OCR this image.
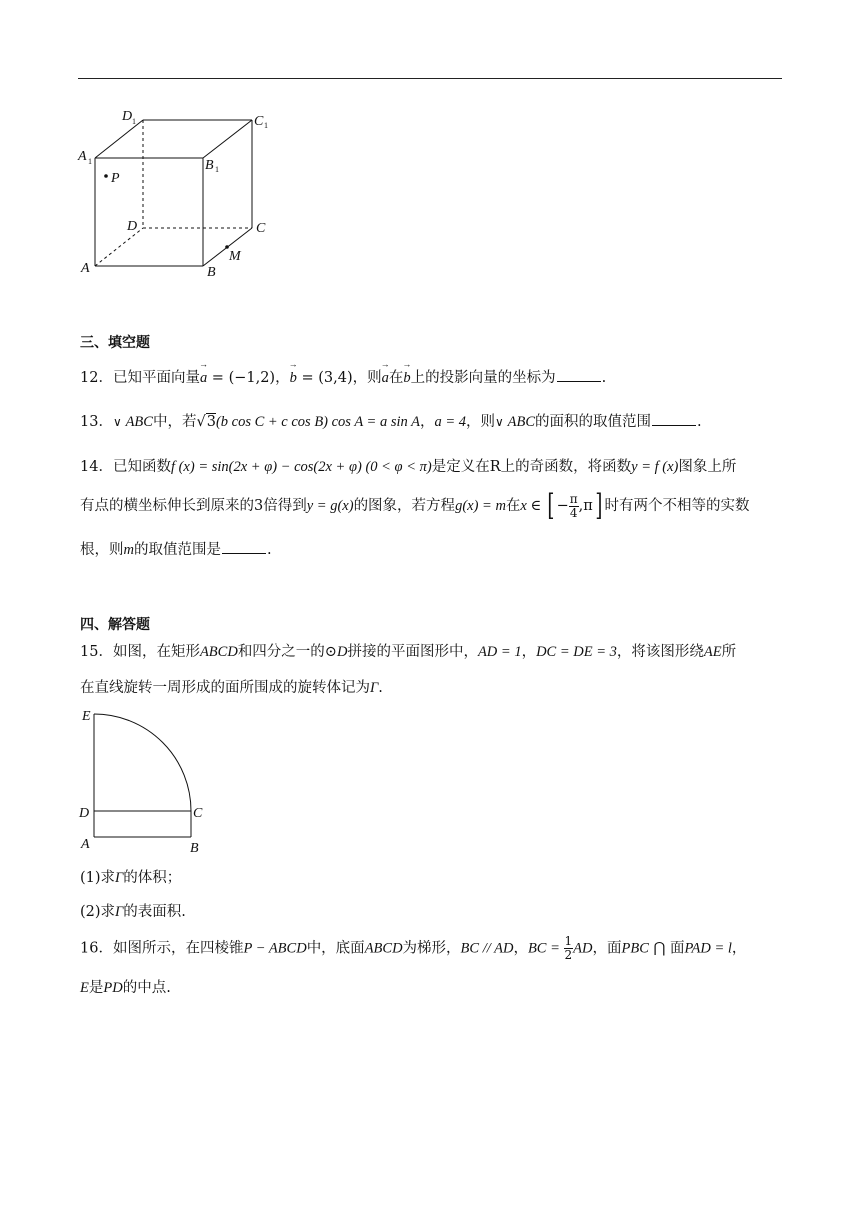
D 1	C 1
A 1	B 1
P
D	C
A	B
M
三、填空题
12．已知平面向量→ a = (−1,2)，→ b = (3,4)，则→ a在→ b上的投影向量的坐标为	.
13．∨ ABC中，若√3(b cos C + c cos B) cos A = a sin A，a = 4，则∨ ABC的面积的取值范围	.
14．已知函数f (x) = sin(2x + φ) − cos(2x + φ) (0 < φ < π)是定义在R上的奇函数，将函数y = f (x)图象上所
有点的横坐标伸长到原来的3倍得到y = g(x)的图象，若方程g(x) = m在x ∈ [ − $\frac{\pi}{4} ,\pi$] 时有两个不相等的实数
根，则m的取值范围是	.
四、解答题
15．如图，在矩形ABCD和四分之一的⊙D拼接的平面图形中，AD = 1，DC = DE = 3，将该图形绕AE所
在直线旋转一周形成的面所围成的旋转体记为Γ.
E
D	C
A	B
(1)求Γ的体积；
(2)求Γ的表面积.
16．如图所示，在四棱锥P − ABCD中，底面ABCD为梯形，BC // AD，BC = $\frac{1}{2}$ AD，面PBC ⋂ 面PAD = l，
E是PD的中点.
